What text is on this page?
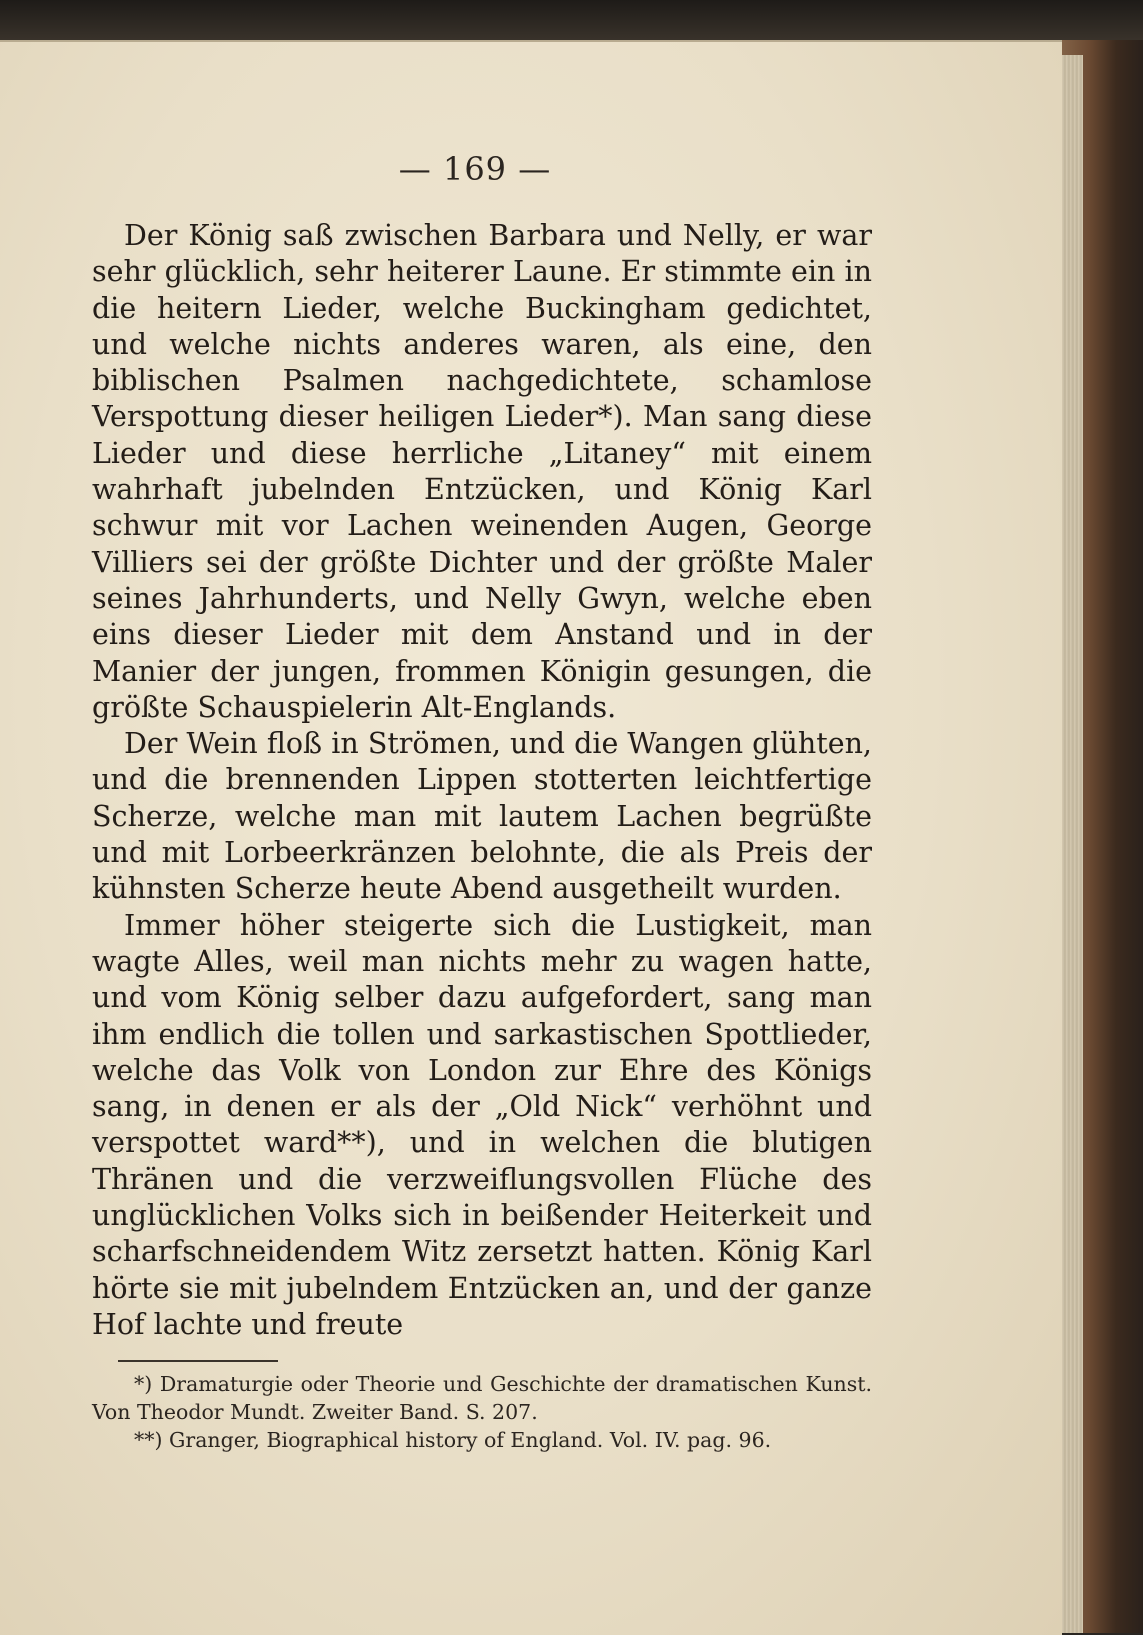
— 169 —

Der König saß zwischen Barbara und Nelly, er war sehr glücklich, sehr heiterer Laune. Er stimmte ein in die heitern Lieder, welche Buckingham gedichtet, und welche nichts anderes waren, als eine, den biblischen Psalmen nachgedichtete, schamlose Verspottung dieser heiligen Lieder*). Man sang diese Lieder und diese herrliche „Litaney“ mit einem wahrhaft jubelnden Entzücken, und König Karl schwur mit vor Lachen weinenden Augen, George Villiers sei der größte Dichter und der größte Maler seines Jahrhunderts, und Nelly Gwyn, welche eben eins dieser Lieder mit dem Anstand und in der Manier der jungen, frommen Königin gesungen, die größte Schauspielerin Alt-Englands.

Der Wein floß in Strömen, und die Wangen glühten, und die brennenden Lippen stotterten leichtfertige Scherze, welche man mit lautem Lachen begrüßte und mit Lorbeerkränzen belohnte, die als Preis der kühnsten Scherze heute Abend ausgetheilt wurden.

Immer höher steigerte sich die Lustigkeit, man wagte Alles, weil man nichts mehr zu wagen hatte, und vom König selber dazu aufgefordert, sang man ihm endlich die tollen und sarkastischen Spottlieder, welche das Volk von London zur Ehre des Königs sang, in denen er als der „Old Nick“ verhöhnt und verspottet ward**), und in welchen die blutigen Thränen und die verzweiflungsvollen Flüche des unglücklichen Volks sich in beißender Heiterkeit und scharfschneidendem Witz zersetzt hatten. König Karl hörte sie mit jubelndem Entzücken an, und der ganze Hof lachte und freute

*) Dramaturgie oder Theorie und Geschichte der dramatischen Kunst. Von Theodor Mundt. Zweiter Band. S. 207.

**) Granger, Biographical history of England. Vol. IV. pag. 96.
